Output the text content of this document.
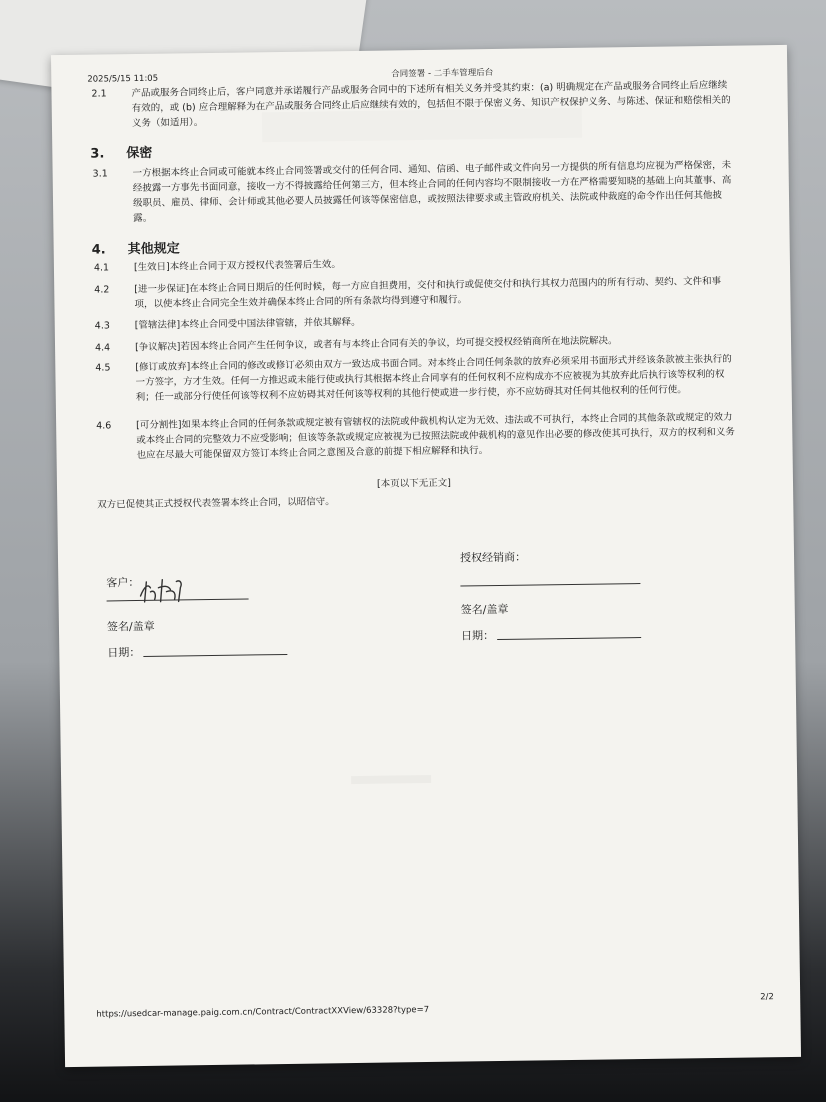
2025/5/15 11:05	合同签署 - 二手车管理后台
2.1	产品或服务合同终止后，客户同意并承诺履行产品或服务合同中的下述所有相关义务并受其约束：(a) 明确规定在产品或服务合同终止后应继续有效的，或 (b) 应合理解释为在产品或服务合同终止后应继续有效的，包括但不限于保密义务、知识产权保护义务、与陈述、保证和赔偿相关的义务（如适用）。
3. 保密
3.1	一方根据本终止合同或可能就本终止合同签署或交付的任何合同、通知、信函、电子邮件或文件向另一方提供的所有信息均应视为严格保密，未经披露一方事先书面同意，接收一方不得披露给任何第三方，但本终止合同的任何内容均不限制接收一方在严格需要知晓的基础上向其董事、高级职员、雇员、律师、会计师或其他必要人员披露任何该等保密信息，或按照法律要求或主管政府机关、法院或仲裁庭的命令作出任何其他披露。
4. 其他规定
4.1	[生效日]本终止合同于双方授权代表签署后生效。
4.2	[进一步保证]在本终止合同日期后的任何时候，每一方应自担费用，交付和执行或促使交付和执行其权力范围内的所有行动、契约、文件和事项，以使本终止合同完全生效并确保本终止合同的所有条款均得到遵守和履行。
4.3	[管辖法律]本终止合同受中国法律管辖，并依其解释。
4.4	[争议解决]若因本终止合同产生任何争议，或者有与本终止合同有关的争议，均可提交授权经销商所在地法院解决。
4.5	[修订或放弃]本终止合同的修改或修订必须由双方一致达成书面合同。对本终止合同任何条款的放弃必须采用书面形式并经该条款被主张执行的一方签字，方才生效。任何一方推迟或未能行使或执行其根据本终止合同享有的任何权利不应构成亦不应被视为其放弃此后执行该等权利的权利；任一或部分行使任何该等权利不应妨碍其对任何该等权利的其他行使或进一步行使，亦不应妨碍其对任何其他权利的任何行使。
4.6	[可分割性]如果本终止合同的任何条款或规定被有管辖权的法院或仲裁机构认定为无效、违法或不可执行，本终止合同的其他条款或规定的效力或本终止合同的完整效力不应受影响；但该等条款或规定应被视为已按照法院或仲裁机构的意见作出必要的修改使其可执行，双方的权利和义务也应在尽最大可能保留双方签订本终止合同之意图及合意的前提下相应解释和执行。
[本页以下无正文]
双方已促使其正式授权代表签署本终止合同，以昭信守。
客户：
签名/盖章
日期：
授权经销商：
签名/盖章
日期：
https://usedcar-manage.paig.com.cn/Contract/ContractXXView/63328?type=7
2/2
